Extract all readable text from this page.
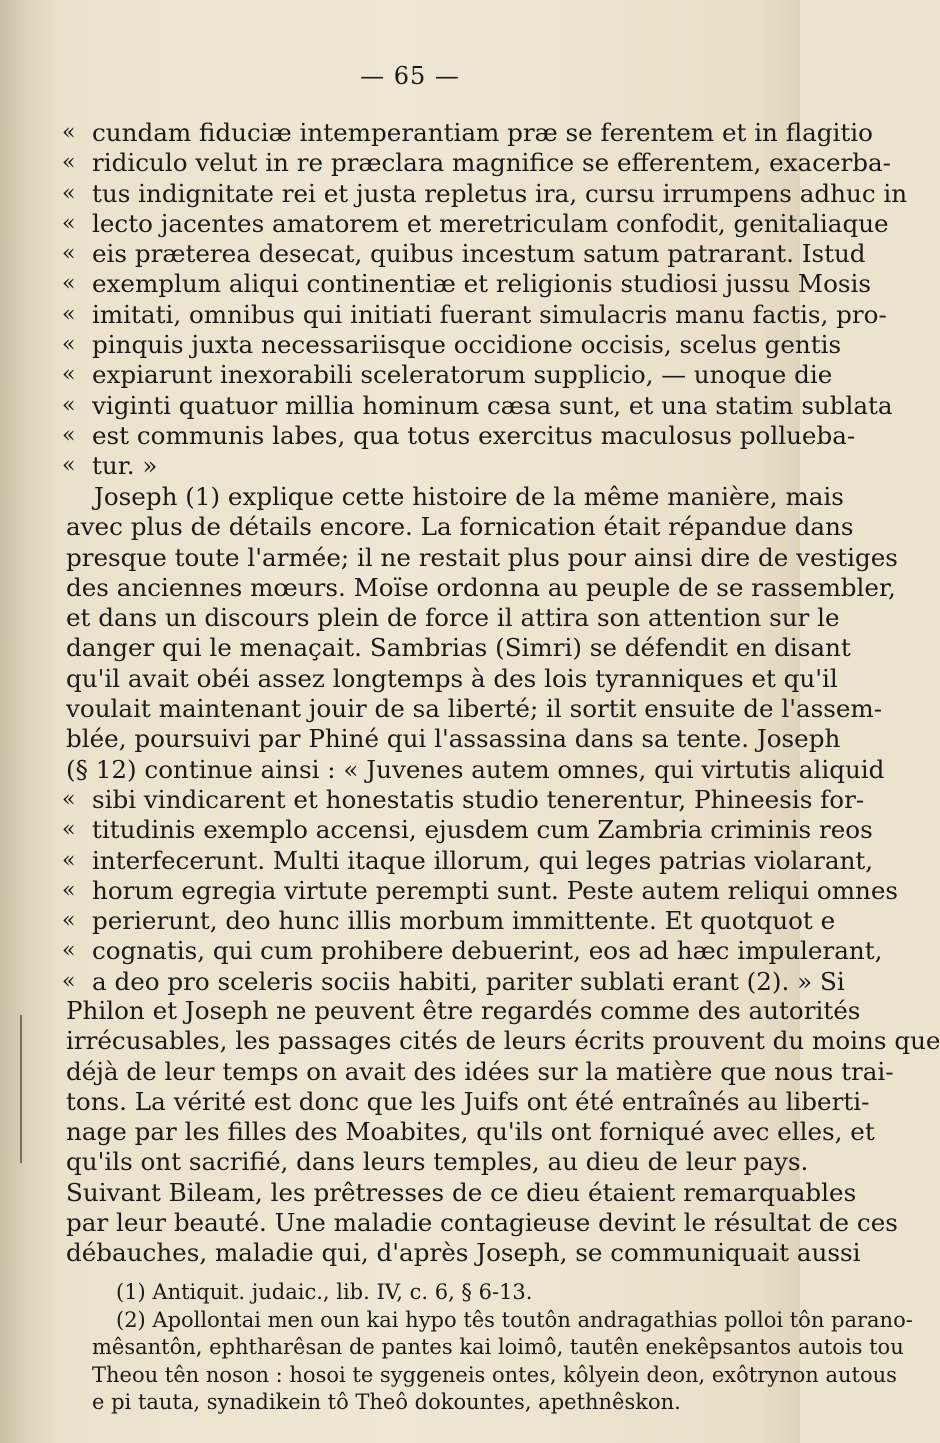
— 65 —
« cundam fiduciæ intemperantiam præ se ferentem et in flagitio
« ridiculo velut in re præclara magnifice se efferentem, exacerba-
« tus indignitate rei et justa repletus ira, cursu irrumpens adhuc in
« lecto jacentes amatorem et meretriculam confodit, genitaliaque
« eis præterea desecat, quibus incestum satum patrarant. Istud
« exemplum aliqui continentiæ et religionis studiosi jussu Mosis
« imitati, omnibus qui initiati fuerant simulacris manu factis, pro-
« pinquis juxta necessariisque occidione occisis, scelus gentis
« expiarunt inexorabili sceleratorum supplicio, — unoque die
« viginti quatuor millia hominum cæsa sunt, et una statim sublata
« est communis labes, qua totus exercitus maculosus pollueba-
« tur. »
Joseph (1) explique cette histoire de la même manière, mais
avec plus de détails encore. La fornication était répandue dans
presque toute l'armée; il ne restait plus pour ainsi dire de vestiges
des anciennes mœurs. Moïse ordonna au peuple de se rassembler,
et dans un discours plein de force il attira son attention sur le
danger qui le menaçait. Sambrias (Simri) se défendit en disant
qu'il avait obéi assez longtemps à des lois tyranniques et qu'il
voulait maintenant jouir de sa liberté; il sortit ensuite de l'assem-
blée, poursuivi par Phiné qui l'assassina dans sa tente. Joseph
(§ 12) continue ainsi : « Juvenes autem omnes, qui virtutis aliquid
« sibi vindicarent et honestatis studio tenerentur, Phineesis for-
« titudinis exemplo accensi, ejusdem cum Zambria criminis reos
« interfecerunt. Multi itaque illorum, qui leges patrias violarant,
« horum egregia virtute perempti sunt. Peste autem reliqui omnes
« perierunt, deo hunc illis morbum immittente. Et quotquot e
« cognatis, qui cum prohibere debuerint, eos ad hæc impulerant,
« a deo pro sceleris sociis habiti, pariter sublati erant (2). » Si
Philon et Joseph ne peuvent être regardés comme des autorités
irrécusables, les passages cités de leurs écrits prouvent du moins que
déjà de leur temps on avait des idées sur la matière que nous trai-
tons. La vérité est donc que les Juifs ont été entraînés au liberti-
nage par les filles des Moabites, qu'ils ont forniqué avec elles, et
qu'ils ont sacrifié, dans leurs temples, au dieu de leur pays.
Suivant Bileam, les prêtresses de ce dieu étaient remarquables
par leur beauté. Une maladie contagieuse devint le résultat de ces
débauches, maladie qui, d'après Joseph, se communiquait aussi
(1) Antiquit. judaic., lib. IV, c. 6, § 6-13.
(2) Apollontai men oun kai hypo tês toutôn andragathias polloi tôn parano-
mêsantôn, ephtharêsan de pantes kai loimô, tautên enekêpsantos autois tou
Theou tên noson : hosoi te syggeneis ontes, kôlyein deon, exôtrynon autous
e pi tauta, synadikein tô Theô dokountes, apethnêskon.
